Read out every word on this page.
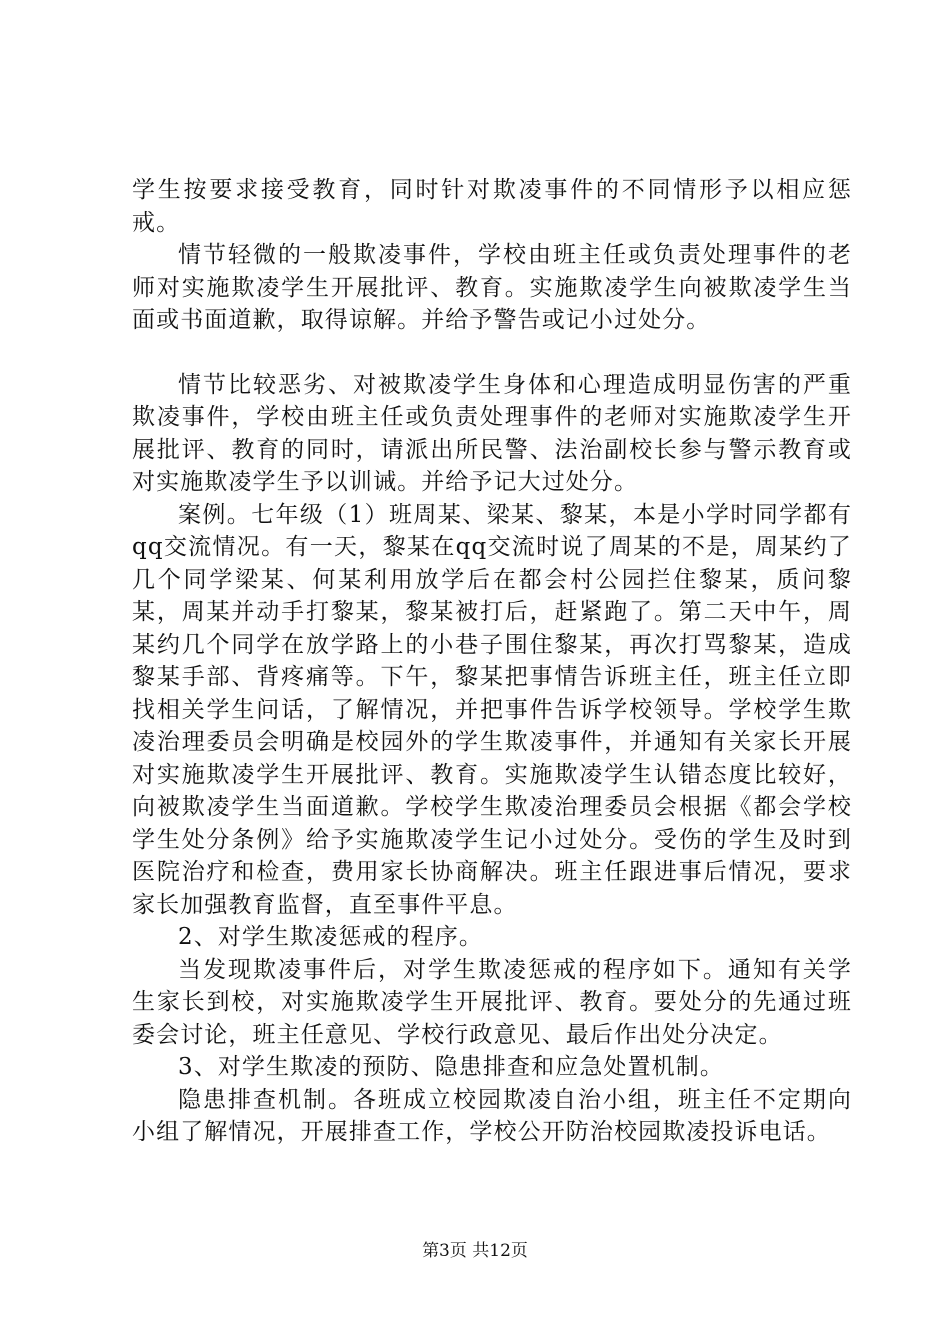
学生按要求接受教育，同时针对欺凌事件的不同情形予以相应惩戒。

情节轻微的一般欺凌事件，学校由班主任或负责处理事件的老师对实施欺凌学生开展批评、教育。实施欺凌学生向被欺凌学生当面或书面道歉，取得谅解。并给予警告或记小过处分。

情节比较恶劣、对被欺凌学生身体和心理造成明显伤害的严重欺凌事件，学校由班主任或负责处理事件的老师对实施欺凌学生开展批评、教育的同时，请派出所民警、法治副校长参与警示教育或对实施欺凌学生予以训诫。并给予记大过处分。

案例。七年级（1）班周某、梁某、黎某，本是小学时同学都有qq交流情况。有一天，黎某在qq交流时说了周某的不是，周某约了几个同学梁某、何某利用放学后在都会村公园拦住黎某，质问黎某，周某并动手打黎某，黎某被打后，赶紧跑了。第二天中午，周某约几个同学在放学路上的小巷子围住黎某，再次打骂黎某，造成黎某手部、背疼痛等。下午，黎某把事情告诉班主任，班主任立即找相关学生问话，了解情况，并把事件告诉学校领导。学校学生欺凌治理委员会明确是校园外的学生欺凌事件，并通知有关家长开展对实施欺凌学生开展批评、教育。实施欺凌学生认错态度比较好，向被欺凌学生当面道歉。学校学生欺凌治理委员会根据《都会学校学生处分条例》给予实施欺凌学生记小过处分。受伤的学生及时到医院治疗和检查，费用家长协商解决。班主任跟进事后情况，要求家长加强教育监督，直至事件平息。

2、对学生欺凌惩戒的程序。

当发现欺凌事件后，对学生欺凌惩戒的程序如下。通知有关学生家长到校，对实施欺凌学生开展批评、教育。要处分的先通过班委会讨论，班主任意见、学校行政意见、最后作出处分决定。

3、对学生欺凌的预防、隐患排查和应急处置机制。

隐患排查机制。各班成立校园欺凌自治小组，班主任不定期向小组了解情况，开展排查工作，学校公开防治校园欺凌投诉电话。

第3页 共12页
